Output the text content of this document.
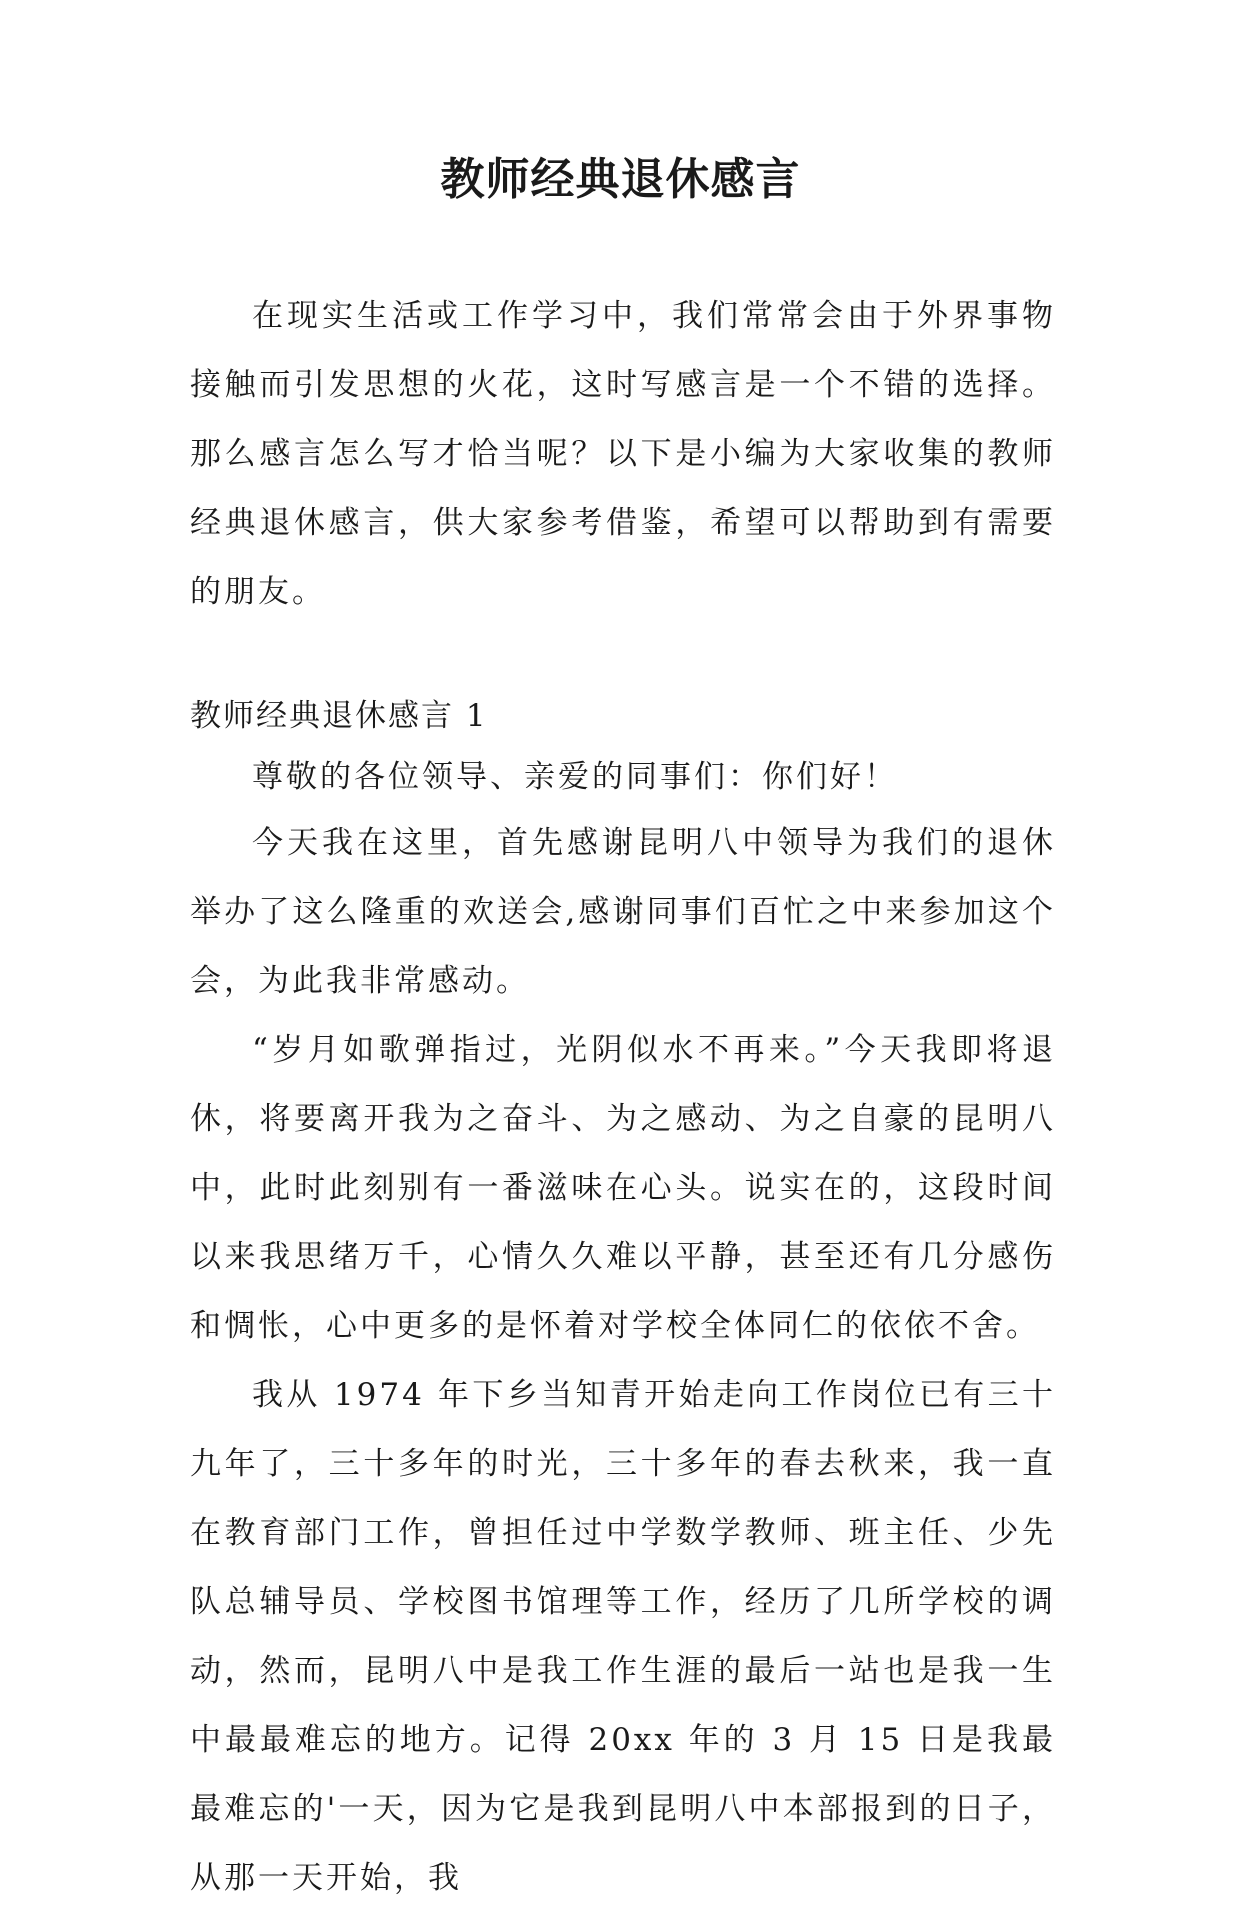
教师经典退休感言

在现实生活或工作学习中，我们常常会由于外界事物接触而引发思想的火花，这时写感言是一个不错的选择。那么感言怎么写才恰当呢？以下是小编为大家收集的教师经典退休感言，供大家参考借鉴，希望可以帮助到有需要的朋友。

教师经典退休感言 1

尊敬的各位领导、亲爱的同事们：你们好！

今天我在这里，首先感谢昆明八中领导为我们的退休举办了这么隆重的欢送会,感谢同事们百忙之中来参加这个会，为此我非常感动。

“岁月如歌弹指过，光阴似水不再来。”今天我即将退休，将要离开我为之奋斗、为之感动、为之自豪的昆明八中，此时此刻别有一番滋味在心头。说实在的，这段时间以来我思绪万千，心情久久难以平静，甚至还有几分感伤和惆怅，心中更多的是怀着对学校全体同仁的依依不舍。

我从 1974 年下乡当知青开始走向工作岗位已有三十九年了，三十多年的时光，三十多年的春去秋来，我一直在教育部门工作，曾担任过中学数学教师、班主任、少先队总辅导员、学校图书馆理等工作，经历了几所学校的调动，然而，昆明八中是我工作生涯的最后一站也是我一生中最最难忘的地方。记得 20xx 年的 3 月 15 日是我最最难忘的'一天，因为它是我到昆明八中本部报到的日子，从那一天开始，我
